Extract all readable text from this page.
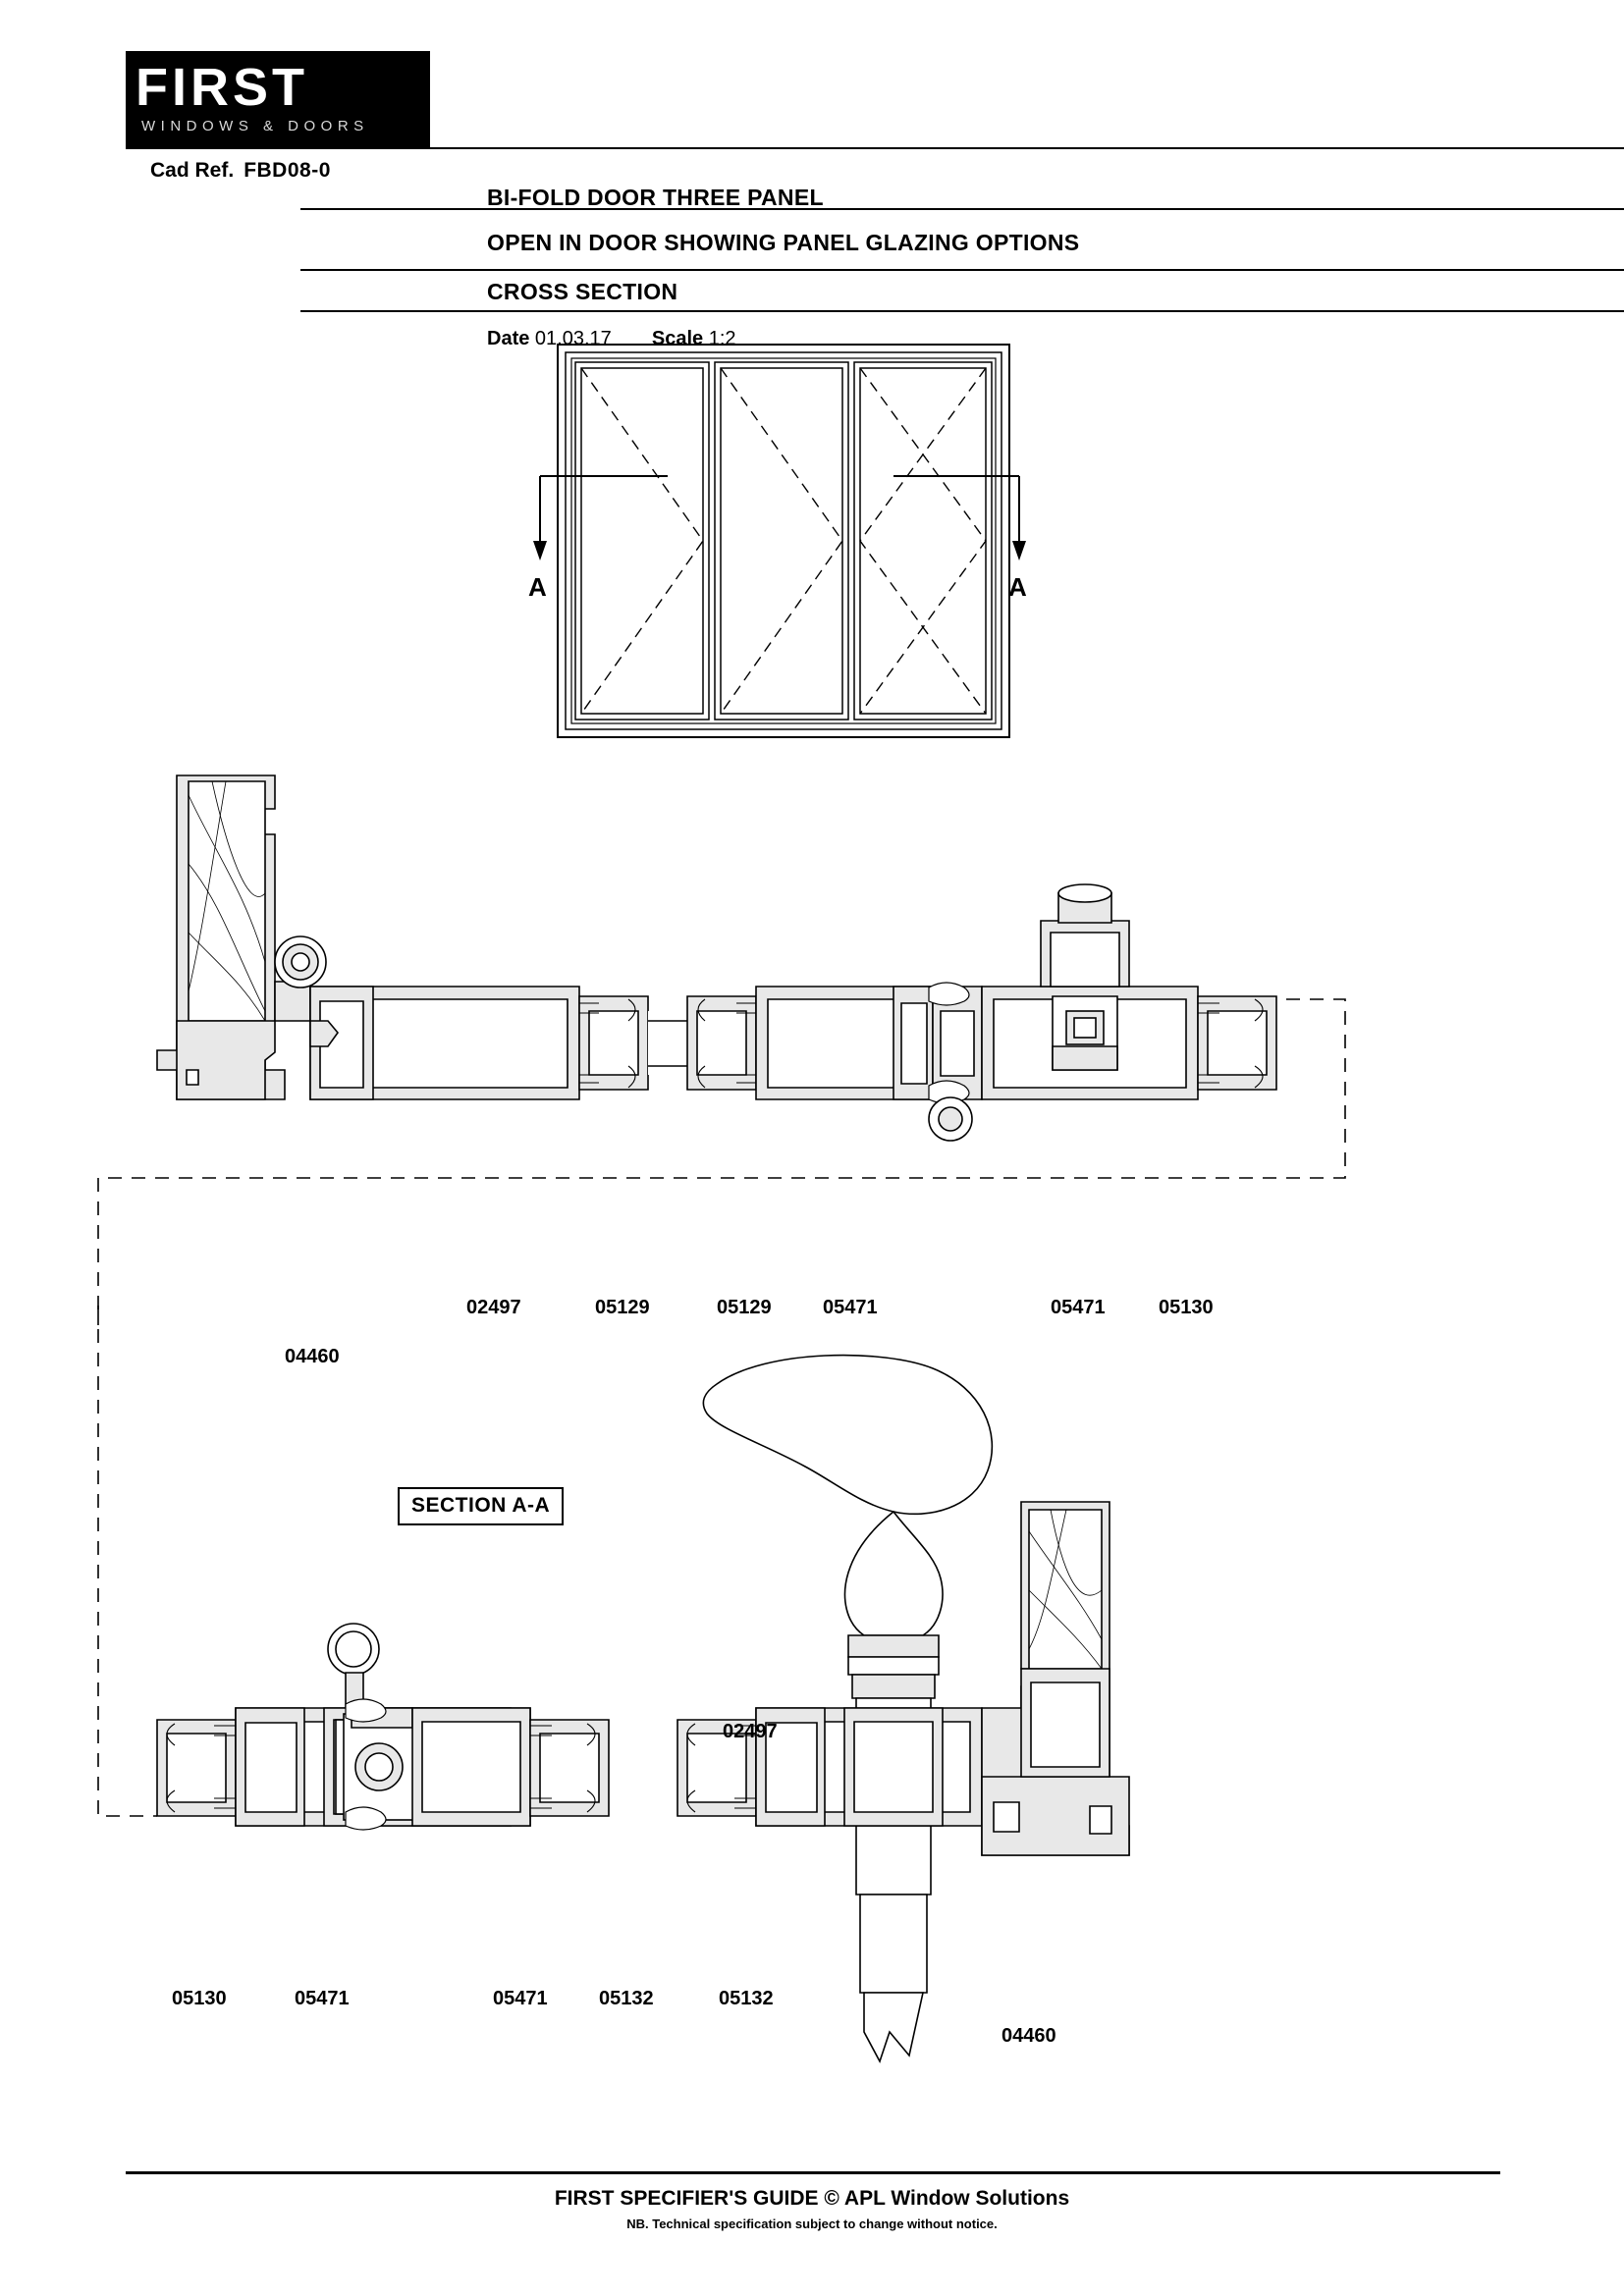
FIRST
WINDOWS & DOORS
Cad Ref. FBD08-0
BI-FOLD DOOR THREE PANEL
OPEN IN DOOR SHOWING PANEL GLAZING OPTIONS
CROSS SECTION
Date 01.03.17 Scale 1:2
A	A
04460
02497	05129	05129	05471	05471	05130
SECTION A-A
05130	05471	05471	05132	05132
02497
04460
FIRST SPECIFIER'S GUIDE © APL Window Solutions
NB. Technical specification subject to change without notice.
